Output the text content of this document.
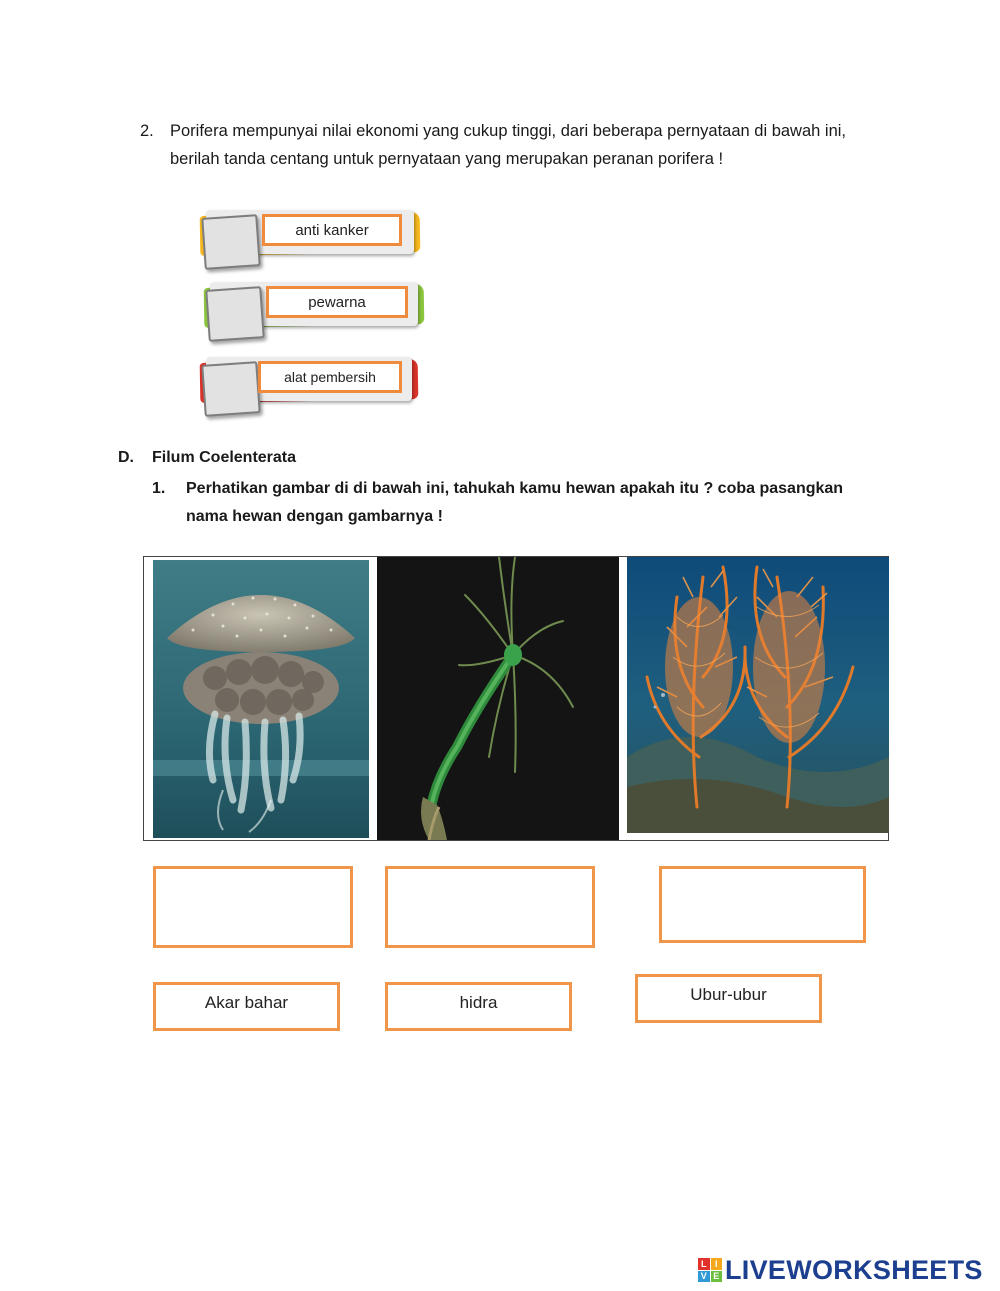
2. Porifera mempunyai nilai ekonomi yang cukup tinggi, dari beberapa pernyataan di bawah ini, berilah tanda centang untuk pernyataan yang merupakan peranan porifera !
anti kanker
pewarna
alat pembersih
D. Filum Coelenterata
1. Perhatikan gambar di di bawah ini, tahukah kamu hewan apakah itu ? coba pasangkan nama hewan dengan gambarnya !
Akar bahar	hidra	Ubur-ubur
L I
V E LIVEWORKSHEETS
